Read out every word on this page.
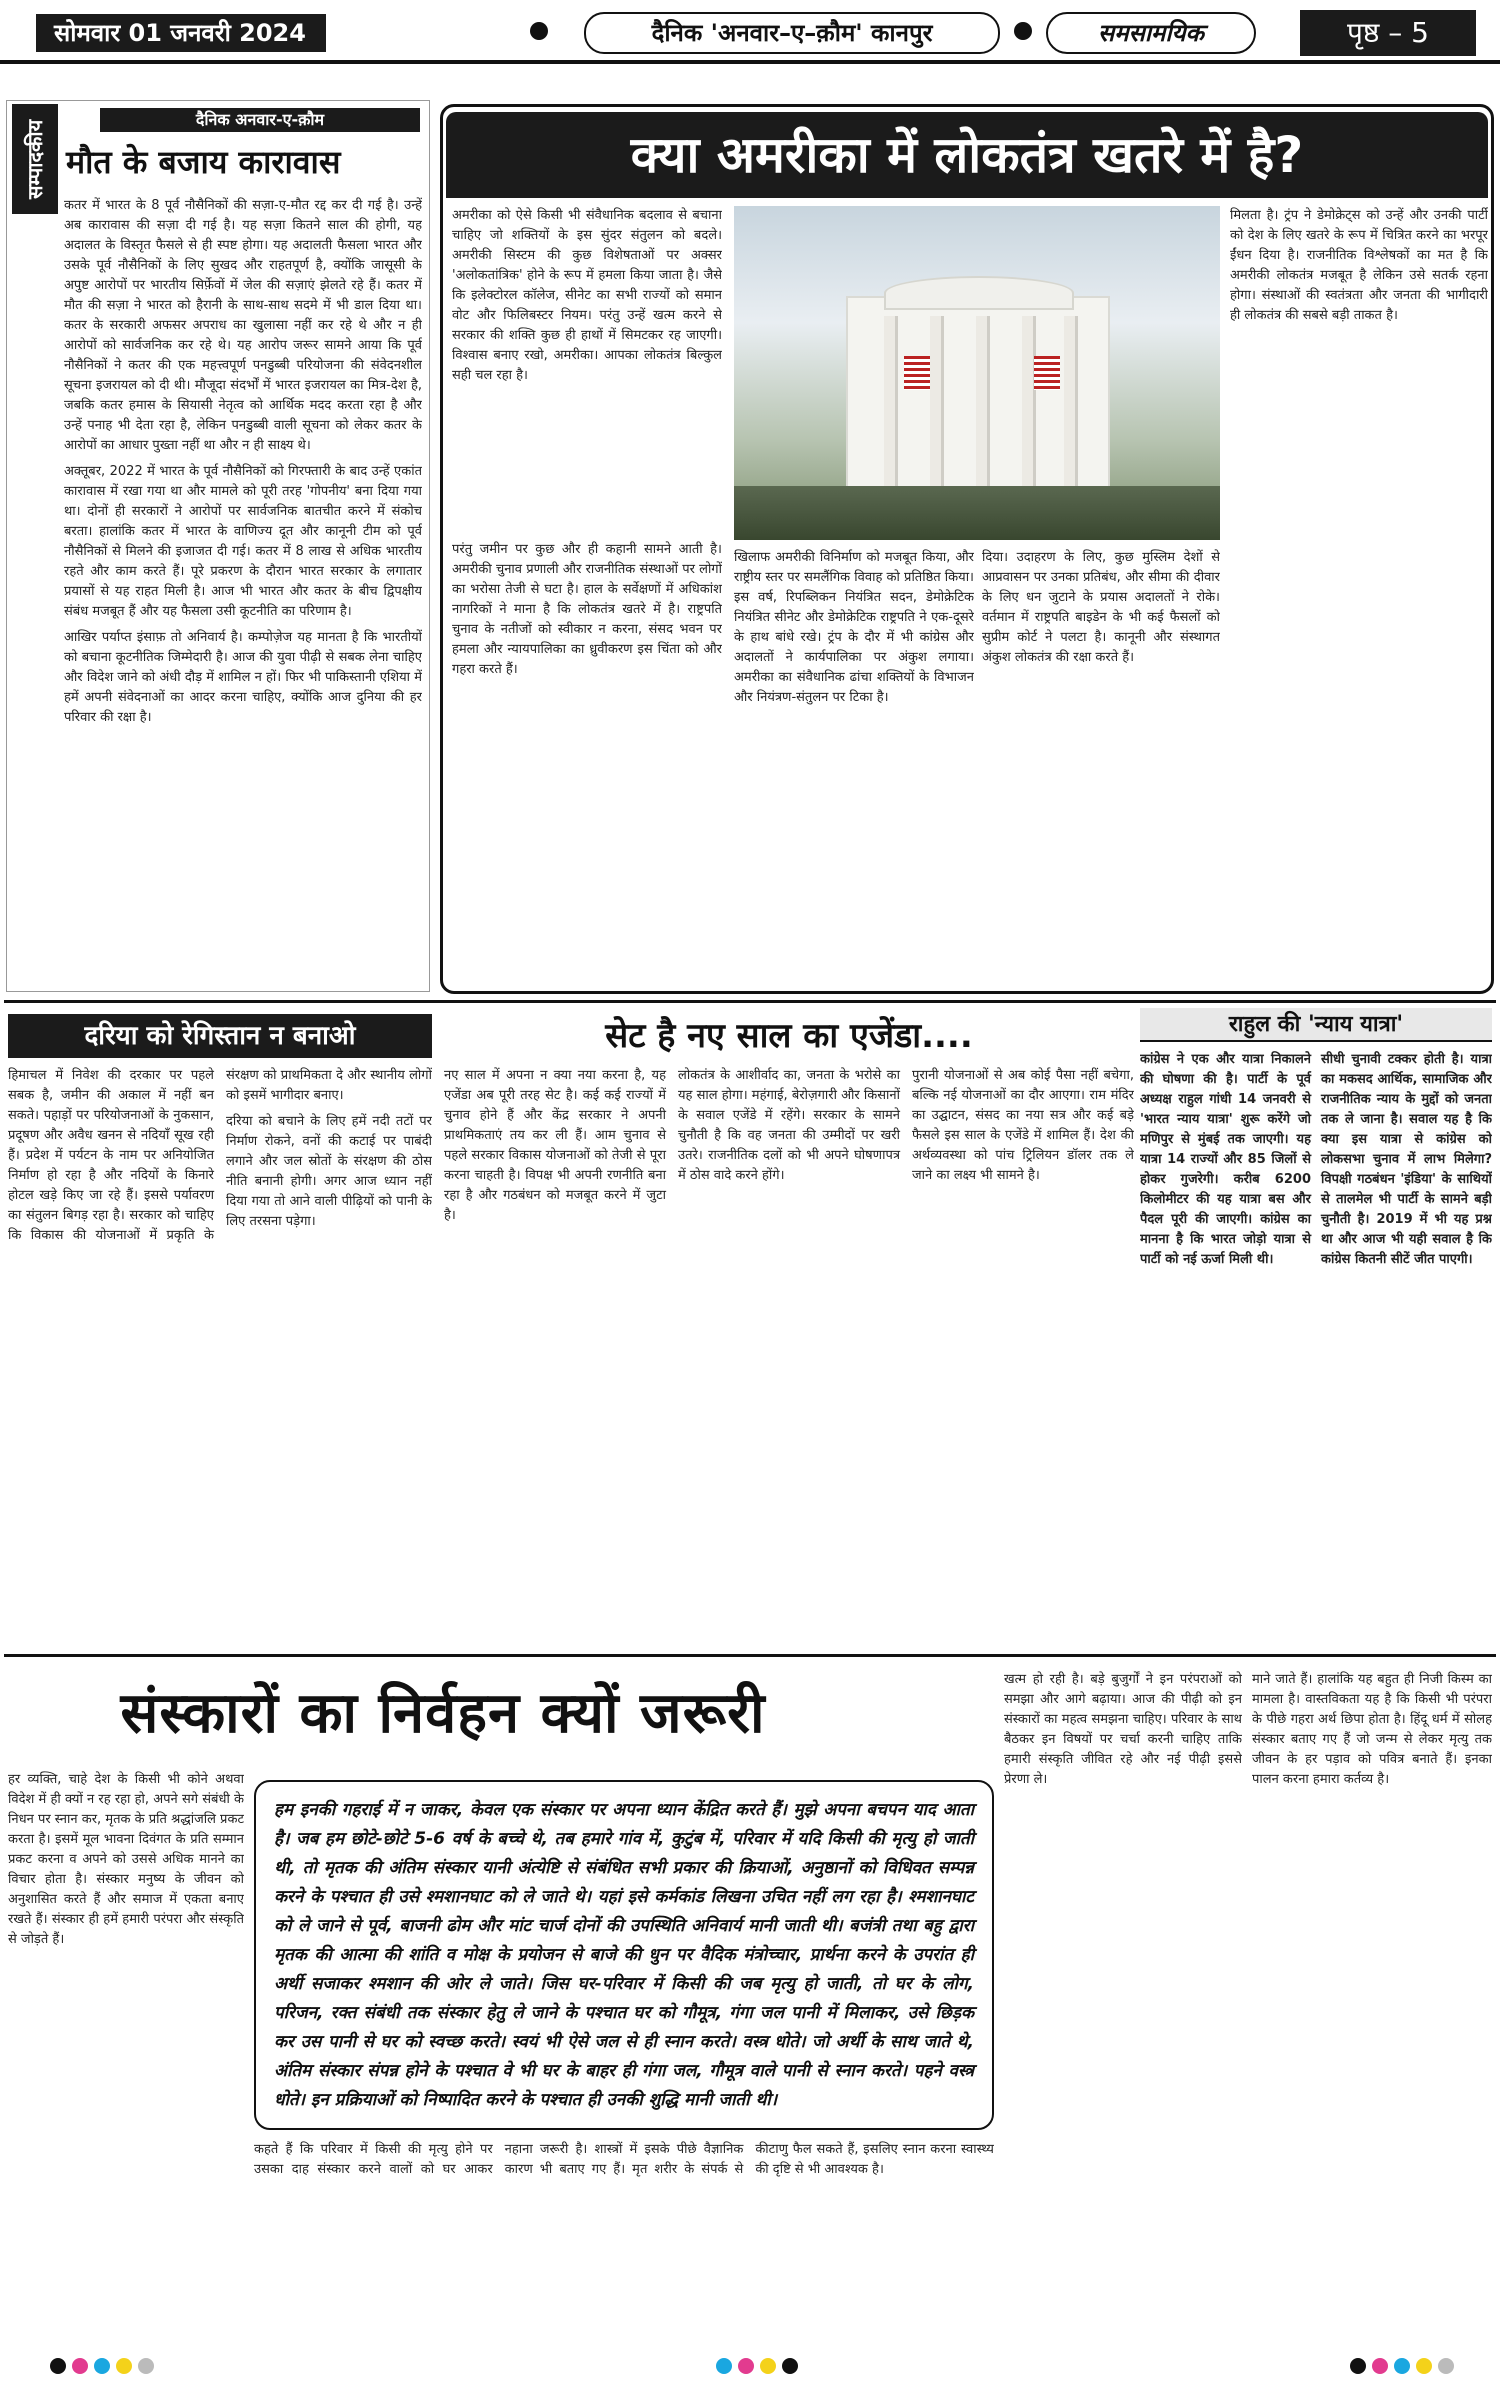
सोमवार 01 जनवरी 2024	दैनिक 'अनवार–ए–क़ौम' कानपुर	समसामयिक	पृष्ठ – 5
सम्पादकीय	दैनिक अनवार-ए-क़ौम
मौत के बजाय कारावास

कतर में भारत के 8 पूर्व नौसैनिकों की सज़ा-ए-मौत रद्द कर दी गई है। उन्हें अब कारावास की सज़ा दी गई है। यह सज़ा कितने साल की होगी, यह अदालत के विस्तृत फैसले से ही स्पष्ट होगा। यह अदालती फैसला भारत और उसके पूर्व नौसैनिकों के लिए सुखद और राहतपूर्ण है, क्योंकि जासूसी के अपुष्ट आरोपों पर भारतीय सिर्फ़ेवों में जेल की सज़ाएं झेलते रहे हैं। कतर में मौत की सज़ा ने भारत को हैरानी के साथ-साथ सदमे में भी डाल दिया था। कतर के सरकारी अफसर अपराध का खुलासा नहीं कर रहे थे और न ही आरोपों को सार्वजनिक कर रहे थे। यह आरोप जरूर सामने आया कि पूर्व नौसैनिकों ने कतर की एक महत्त्वपूर्ण पनडुब्बी परियोजना की संवेदनशील सूचना इजरायल को दी थी। मौजूदा संदर्भों में भारत इजरायल का मित्र-देश है, जबकि कतर हमास के सियासी नेतृत्व को आर्थिक मदद करता रहा है और उन्हें पनाह भी देता रहा है, लेकिन पनडुब्बी वाली सूचना को लेकर कतर के आरोपों का आधार पुख्ता नहीं था और न ही साक्ष्य थे।

अक्तूबर, 2022 में भारत के पूर्व नौसैनिकों को गिरफ्तारी के बाद उन्हें एकांत कारावास में रखा गया था और मामले को पूरी तरह 'गोपनीय' बना दिया गया था। दोनों ही सरकारों ने आरोपों पर सार्वजनिक बातचीत करने में संकोच बरता। हालांकि कतर में भारत के वाणिज्य दूत और कानूनी टीम को पूर्व नौसैनिकों से मिलने की इजाजत दी गई। कतर में 8 लाख से अधिक भारतीय रहते और काम करते हैं। पूरे प्रकरण के दौरान भारत सरकार के लगातार प्रयासों से यह राहत मिली है। आज भी भारत और कतर के बीच द्विपक्षीय संबंध मजबूत हैं और यह फैसला उसी कूटनीति का परिणाम है।

आखिर पर्याप्त इंसाफ़ तो अनिवार्य है। कम्पोज़ेज यह मानता है कि भारतीयों को बचाना कूटनीतिक जिम्मेदारी है। आज की युवा पीढ़ी से सबक लेना चाहिए और विदेश जाने को अंधी दौड़ में शामिल न हों। फिर भी पाकिस्तानी एशिया में हमें अपनी संवेदनाओं का आदर करना चाहिए, क्योंकि आज दुनिया की हर परिवार की रक्षा है।

क्या अमरीका में लोकतंत्र खतरे में है?

अमरीका को ऐसे किसी भी संवैधानिक बदलाव से बचाना चाहिए जो शक्तियों के इस सुंदर संतुलन को बदले। अमरीकी सिस्टम की कुछ विशेषताओं पर अक्सर 'अलोकतांत्रिक' होने के रूप में हमला किया जाता है। जैसे कि इलेक्टोरल कॉलेज, सीनेट का सभी राज्यों को समान वोट और फिलिबस्टर नियम। परंतु उन्हें खत्म करने से सरकार की शक्ति कुछ ही हाथों में सिमटकर रह जाएगी। विश्वास बनाए रखो, अमरीका। आपका लोकतंत्र बिल्कुल सही चल रहा है।

परंतु जमीन पर कुछ और ही कहानी सामने आती है। अमरीकी चुनाव प्रणाली और राजनीतिक संस्थाओं पर लोगों का भरोसा तेजी से घटा है। हाल के सर्वेक्षणों में अधिकांश नागरिकों ने माना है कि लोकतंत्र खतरे में है। राष्ट्रपति चुनाव के नतीजों को स्वीकार न करना, संसद भवन पर हमला और न्यायपालिका का ध्रुवीकरण इस चिंता को और गहरा करते हैं।

खिलाफ अमरीकी विनिर्माण को मजबूत किया, और राष्ट्रीय स्तर पर समलैंगिक विवाह को प्रतिष्ठित किया। इस वर्ष, रिपब्लिकन नियंत्रित सदन, डेमोक्रेटिक नियंत्रित सीनेट और डेमोक्रेटिक राष्ट्रपति ने एक-दूसरे के हाथ बांधे रखे। ट्रंप के दौर में भी कांग्रेस और अदालतों ने कार्यपालिका पर अंकुश लगाया। अमरीका का संवैधानिक ढांचा शक्तियों के विभाजन और नियंत्रण-संतुलन पर टिका है।

दिया। उदाहरण के लिए, कुछ मुस्लिम देशों से आप्रवासन पर उनका प्रतिबंध, और सीमा की दीवार के लिए धन जुटाने के प्रयास अदालतों ने रोके। वर्तमान में राष्ट्रपति बाइडेन के भी कई फैसलों को सुप्रीम कोर्ट ने पलटा है। कानूनी और संस्थागत अंकुश लोकतंत्र की रक्षा करते हैं।

मिलता है। ट्रंप ने डेमोक्रेट्स को उन्हें और उनकी पार्टी को देश के लिए खतरे के रूप में चित्रित करने का भरपूर ईंधन दिया है। राजनीतिक विश्लेषकों का मत है कि अमरीकी लोकतंत्र मजबूत है लेकिन उसे सतर्क रहना होगा। संस्थाओं की स्वतंत्रता और जनता की भागीदारी ही लोकतंत्र की सबसे बड़ी ताकत है।

दरिया को रेगिस्तान न बनाओ

हिमाचल में निवेश की दरकार पर पहले सबक है, जमीन की अकाल में नहीं बन सकते। पहाड़ों पर परियोजनाओं के नुकसान, प्रदूषण और अवैध खनन से नदियाँ सूख रही हैं। प्रदेश में पर्यटन के नाम पर अनियोजित निर्माण हो रहा है और नदियों के किनारे होटल खड़े किए जा रहे हैं। इससे पर्यावरण का संतुलन बिगड़ रहा है। सरकार को चाहिए कि विकास की योजनाओं में प्रकृति के संरक्षण को प्राथमिकता दे और स्थानीय लोगों को इसमें भागीदार बनाए।

दरिया को बचाने के लिए हमें नदी तटों पर निर्माण रोकने, वनों की कटाई पर पाबंदी लगाने और जल स्रोतों के संरक्षण की ठोस नीति बनानी होगी। अगर आज ध्यान नहीं दिया गया तो आने वाली पीढ़ियों को पानी के लिए तरसना पड़ेगा।

सेट है नए साल का एजेंडा....

नए साल में अपना न क्या नया करना है, यह एजेंडा अब पूरी तरह सेट है। कई कई राज्यों में चुनाव होने हैं और केंद्र सरकार ने अपनी प्राथमिकताएं तय कर ली हैं। आम चुनाव से पहले सरकार विकास योजनाओं को तेजी से पूरा करना चाहती है। विपक्ष भी अपनी रणनीति बना रहा है और गठबंधन को मजबूत करने में जुटा है।

लोकतंत्र के आशीर्वाद का, जनता के भरोसे का यह साल होगा। महंगाई, बेरोज़गारी और किसानों के सवाल एजेंडे में रहेंगे। सरकार के सामने चुनौती है कि वह जनता की उम्मीदों पर खरी उतरे। राजनीतिक दलों को भी अपने घोषणापत्र में ठोस वादे करने होंगे।

पुरानी योजनाओं से अब कोई पैसा नहीं बचेगा, बल्कि नई योजनाओं का दौर आएगा। राम मंदिर का उद्घाटन, संसद का नया सत्र और कई बड़े फैसले इस साल के एजेंडे में शामिल हैं। देश की अर्थव्यवस्था को पांच ट्रिलियन डॉलर तक ले जाने का लक्ष्य भी सामने है।

राहुल की 'न्याय यात्रा'

कांग्रेस ने एक और यात्रा निकालने की घोषणा की है। पार्टी के पूर्व अध्यक्ष राहुल गांधी 14 जनवरी से 'भारत न्याय यात्रा' शुरू करेंगे जो मणिपुर से मुंबई तक जाएगी। यह यात्रा 14 राज्यों और 85 जिलों से होकर गुजरेगी। करीब 6200 किलोमीटर की यह यात्रा बस और पैदल पूरी की जाएगी। कांग्रेस का मानना है कि भारत जोड़ो यात्रा से पार्टी को नई ऊर्जा मिली थी।

सीधी चुनावी टक्कर होती है। यात्रा का मकसद आर्थिक, सामाजिक और राजनीतिक न्याय के मुद्दों को जनता तक ले जाना है। सवाल यह है कि क्या इस यात्रा से कांग्रेस को लोकसभा चुनाव में लाभ मिलेगा? विपक्षी गठबंधन 'इंडिया' के साथियों से तालमेल भी पार्टी के सामने बड़ी चुनौती है। 2019 में भी यह प्रश्न था और आज भी यही सवाल है कि कांग्रेस कितनी सीटें जीत पाएगी।

संस्कारों का निर्वहन क्यों जरूरी

हर व्यक्ति, चाहे देश के किसी भी कोने अथवा विदेश में ही क्यों न रह रहा हो, अपने सगे संबंधी के निधन पर स्नान कर, मृतक के प्रति श्रद्धांजलि प्रकट करता है। इसमें मूल भावना दिवंगत के प्रति सम्मान प्रकट करना व अपने को उससे अधिक मानने का विचार होता है। संस्कार मनुष्य के जीवन को अनुशासित करते हैं और समाज में एकता बनाए रखते हैं। संस्कार ही हमें हमारी परंपरा और संस्कृति से जोड़ते हैं।

हम इनकी गहराई में न जाकर, केवल एक संस्कार पर अपना ध्यान केंद्रित करते हैं। मुझे अपना बचपन याद आता है। जब हम छोटे-छोटे 5-6 वर्ष के बच्चे थे, तब हमारे गांव में, कुटुंब में, परिवार में यदि किसी की मृत्यु हो जाती थी, तो मृतक की अंतिम संस्कार यानी अंत्येष्टि से संबंधित सभी प्रकार की क्रियाओं, अनुष्ठानों को विधिवत सम्पन्न करने के पश्चात ही उसे श्मशानघाट को ले जाते थे। यहां इसे कर्मकांड लिखना उचित नहीं लग रहा है। श्मशानघाट को ले जाने से पूर्व, बाजनी ढोम और मांट चार्ज दोनों की उपस्थिति अनिवार्य मानी जाती थी। बजंत्री तथा बहु द्वारा मृतक की आत्मा की शांति व मोक्ष के प्रयोजन से बाजे की धुन पर वैदिक मंत्रोच्चार, प्रार्थना करने के उपरांत ही अर्थी सजाकर श्मशान की ओर ले जाते। जिस घर-परिवार में किसी की जब मृत्यु हो जाती, तो घर के लोग, परिजन, रक्त संबंधी तक संस्कार हेतु ले जाने के पश्चात घर को गौमूत्र, गंगा जल पानी में मिलाकर, उसे छिड़क कर उस पानी से घर को स्वच्छ करते। स्वयं भी ऐसे जल से ही स्नान करते। वस्त्र धोते। जो अर्थी के साथ जाते थे, अंतिम संस्कार संपन्न होने के पश्चात वे भी घर के बाहर ही गंगा जल, गौमूत्र वाले पानी से स्नान करते। पहने वस्त्र धोते। इन प्रक्रियाओं को निष्पादित करने के पश्चात ही उनकी शुद्धि मानी जाती थी।

कहते हैं कि परिवार में किसी की मृत्यु होने पर उसका दाह संस्कार करने वालों को घर आकर नहाना जरूरी है। शास्त्रों में इसके पीछे वैज्ञानिक कारण भी बताए गए हैं। मृत शरीर के संपर्क से कीटाणु फैल सकते हैं, इसलिए स्नान करना स्वास्थ्य की दृष्टि से भी आवश्यक है।

खत्म हो रही है। बड़े बुजुर्गों ने इन परंपराओं को समझा और आगे बढ़ाया। आज की पीढ़ी को इन संस्कारों का महत्व समझना चाहिए। परिवार के साथ बैठकर इन विषयों पर चर्चा करनी चाहिए ताकि हमारी संस्कृति जीवित रहे और नई पीढ़ी इससे प्रेरणा ले।

माने जाते हैं। हालांकि यह बहुत ही निजी किस्म का मामला है। वास्तविकता यह है कि किसी भी परंपरा के पीछे गहरा अर्थ छिपा होता है। हिंदू धर्म में सोलह संस्कार बताए गए हैं जो जन्म से लेकर मृत्यु तक जीवन के हर पड़ाव को पवित्र बनाते हैं। इनका पालन करना हमारा कर्तव्य है।
